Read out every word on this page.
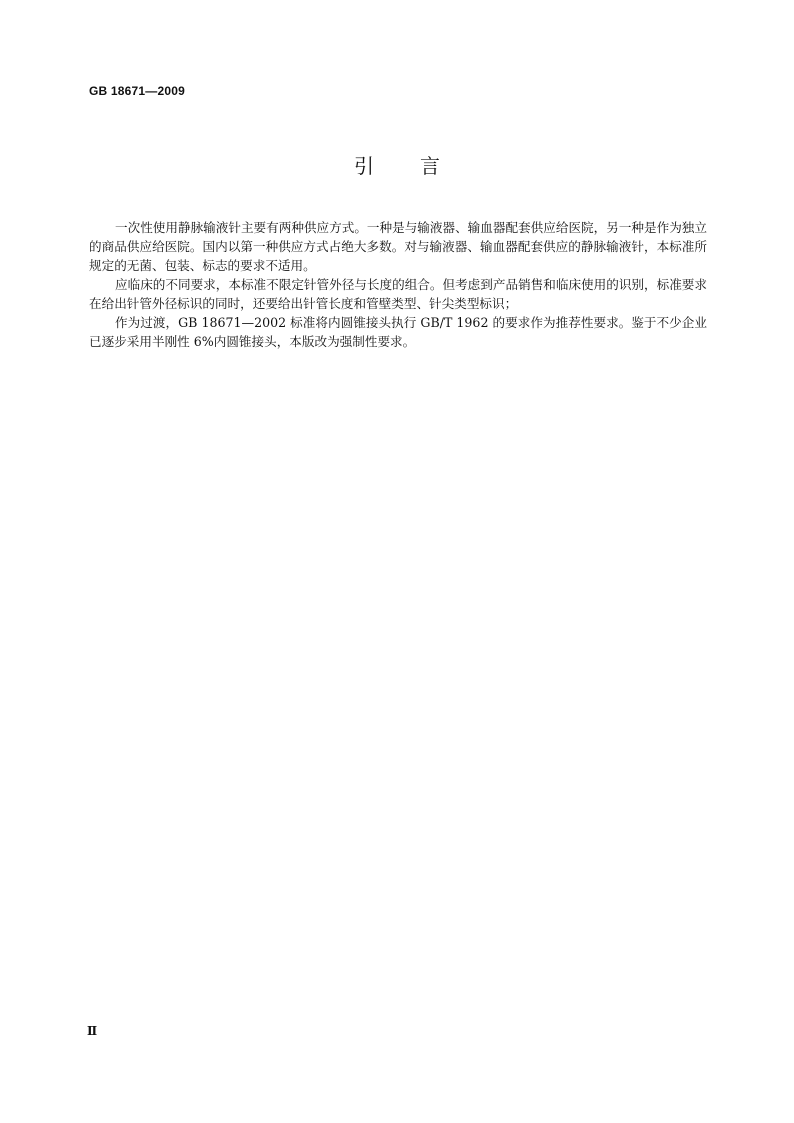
GB 18671—2009
引言

一次性使用静脉输液针主要有两种供应方式。一种是与输液器、输血器配套供应给医院，另一种是作为独立的商品供应给医院。国内以第一种供应方式占绝大多数。对与输液器、输血器配套供应的静脉输液针，本标准所规定的无菌、包装、标志的要求不适用。

应临床的不同要求，本标准不限定针管外径与长度的组合。但考虑到产品销售和临床使用的识别，标准要求在给出针管外径标识的同时，还要给出针管长度和管壁类型、针尖类型标识；

作为过渡，GB 18671—2002 标准将内圆锥接头执行 GB/T 1962 的要求作为推荐性要求。鉴于不少企业已逐步采用半刚性 6%内圆锥接头，本版改为强制性要求。

Ⅱ
